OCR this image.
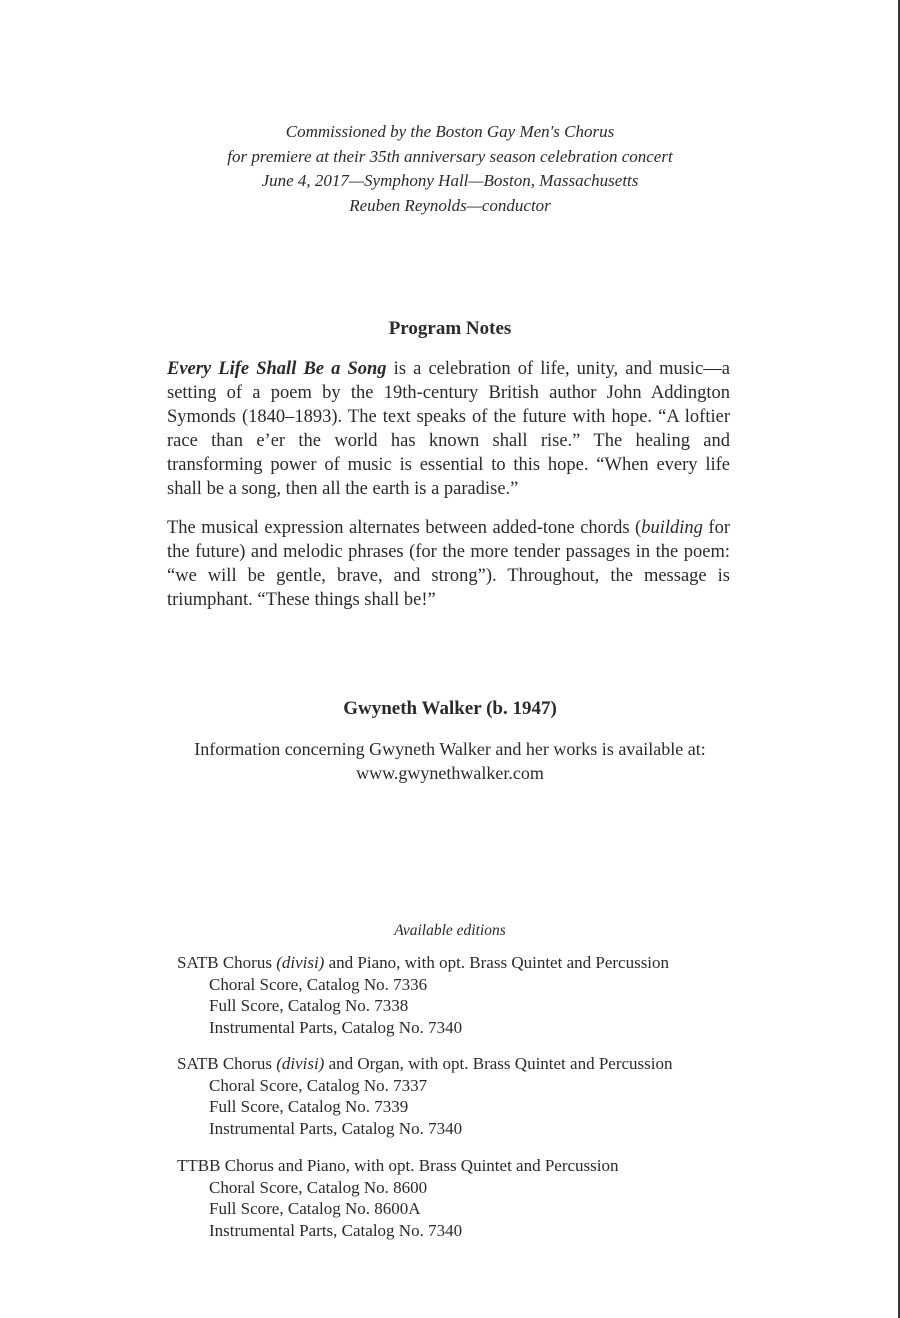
Commissioned by the Boston Gay Men's Chorus
for premiere at their 35th anniversary season celebration concert
June 4, 2017—Symphony Hall—Boston, Massachusetts
Reuben Reynolds—conductor
Program Notes
Every Life Shall Be a Song is a celebration of life, unity, and music—a setting of a poem by the 19th-century British author John Addington Symonds (1840–1893). The text speaks of the future with hope. “A loftier race than e’er the world has known shall rise.” The healing and transforming power of music is essential to this hope. “When every life shall be a song, then all the earth is a paradise.”
The musical expression alternates between added-tone chords (building for the future) and melodic phrases (for the more tender passages in the poem: “we will be gentle, brave, and strong”). Throughout, the message is triumphant. “These things shall be!”
Gwyneth Walker (b. 1947)
Information concerning Gwyneth Walker and her works is available at:
www.gwynethwalker.com
Available editions
SATB Chorus (divisi) and Piano, with opt. Brass Quintet and Percussion
Choral Score, Catalog No. 7336
Full Score, Catalog No. 7338
Instrumental Parts, Catalog No. 7340
SATB Chorus (divisi) and Organ, with opt. Brass Quintet and Percussion
Choral Score, Catalog No. 7337
Full Score, Catalog No. 7339
Instrumental Parts, Catalog No. 7340
TTBB Chorus and Piano, with opt. Brass Quintet and Percussion
Choral Score, Catalog No. 8600
Full Score, Catalog No. 8600A
Instrumental Parts, Catalog No. 7340
